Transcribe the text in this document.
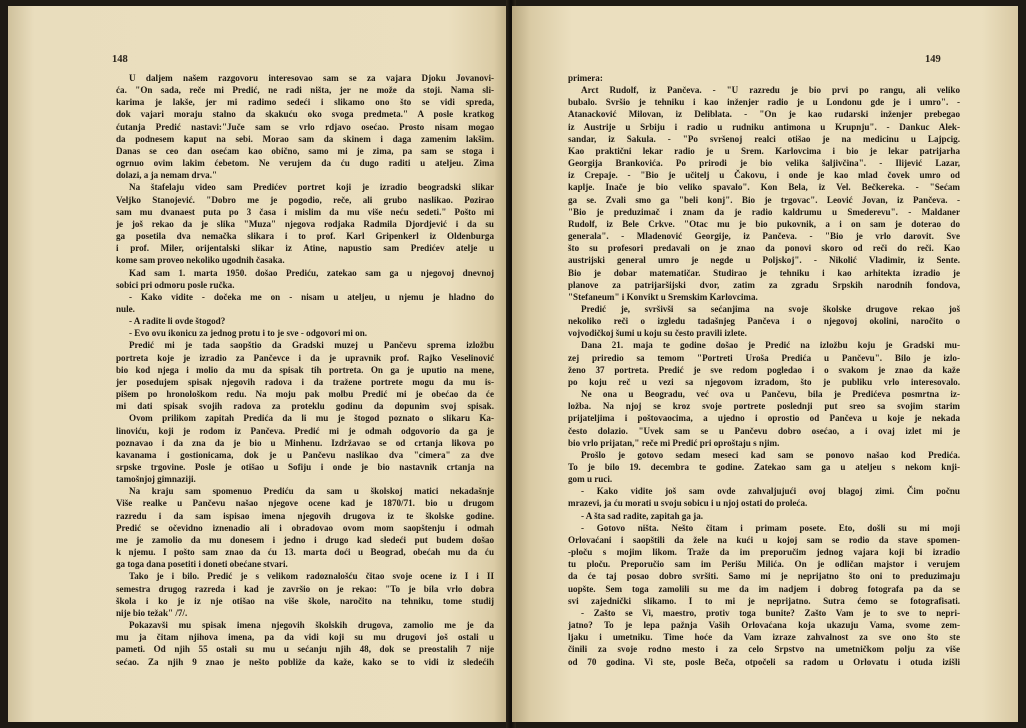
148
U daljem našem razgovoru interesovao sam se za vajara Djoku Jovanovi-
ća. "On sada, reče mi Predić, ne radi ništa, jer ne može da stoji. Nama sli-
karima je lakše, jer mi radimo sedeći i slikamo ono što se vidi spreda,
dok vajari moraju stalno da skakuću oko svoga predmeta." A posle kratkog
ćutanja Predić nastavi:"Juče sam se vrlo rdjavo osećao. Prosto nisam mogao
da podnesem kaput na sebi. Morao sam da skinem i daga zamenim lakšim.
Danas se ceo dan osećam kao obično, samo mi je zima, pa sam se stoga i
ogrnuo ovim lakim ćebetom. Ne verujem da ću dugo raditi u ateljeu. Zima
dolazi, a ja nemam drva."
Na štafelaju video sam Predićev portret koji je izradio beogradski slikar
Veljko Stanojević. "Dobro me je pogodio, reče, ali grubo naslikao. Pozirao
sam mu dvanaest puta po 3 časa i mislim da mu više neću sedeti." Pošto mi
je još rekao da je slika "Muza" njegova rodjaka Radmila Djordjević i da su
ga posetila dva nemačka slikara i to prof. Karl Gripenkerl iz Oldenburga
i prof. Miler, orijentalski slikar iz Atine, napustio sam Predićev atelje u
kome sam proveo nekoliko ugodnih časaka.
Kad sam 1. marta 1950. došao Prediću, zatekao sam ga u njegovoj dnevnoj
sobici pri odmoru posle ručka.
- Kako vidite - dočeka me on - nisam u ateljeu, u njemu je hladno do
nule.
- A radite li ovde štogod?
- Evo ovu ikonicu za jednog protu i to je sve - odgovori mi on.
Predić mi je tada saopštio da Gradski muzej u Pančevu sprema izložbu
portreta koje je izradio za Pančevce i da je upravnik prof. Rajko Veselinović
bio kod njega i molio da mu da spisak tih portreta. On ga je uputio na mene,
jer posedujem spisak njegovih radova i da traženе portrete mogu da mu is-
pišem po hronološkom redu. Na moju pak molbu Predić mi je obećao da će
mi dati spisak svojih radova za proteklu godinu da dopunim svoj spisak.
Ovom prilikom zapitah Predića da li mu je štogod poznato o slikaru Ka-
linoviću, koji je rodom iz Pančeva. Predić mi je odmah odgovorio da ga je
poznavao i da zna da je bio u Minhenu. Izdržavao se od crtanja likova po
kavanama i gostionicama, dok je u Pančevu naslikao dva "cimera" za dve
srpske trgovine. Posle je otišao u Sofiju i onde je bio nastavnik crtanja na
tamošnjoj gimnaziji.
Na kraju sam spomenuo Prediću da sam u školskoj matici nekadašnje
Više realke u Pančevu našao njegove ocene kad je 1870/71. bio u drugom
razredu i da sam ispisao imena njegovih drugova iz te školske godine.
Predić se očevidno iznenadio ali i obradovao ovom mom saopštenju i odmah
me je zamolio da mu donesem i jedno i drugo kad sledeći put budem došao
k njemu. I pošto sam znao da ću 13. marta doći u Beograd, obećah mu da ću
ga toga dana posetiti i doneti obećane stvari.
Tako je i bilo. Predić je s velikom radoznalošću čitao svoje ocene iz I i II
semestra drugog razreda i kad je završio on je rekao: "To je bila vrlo dobra
škola i ko je iz nje otišao na više škole, naročito na tehniku, tome studij
nije bio težak" /7/.
Pokazavši mu spisak imena njegovih školskih drugova, zamolio me je da
mu ja čitam njihova imena, pa da vidi koji su mu drugovi još ostali u
pameti. Od njih 55 ostali su mu u sećanju njih 48, dok se preostalih 7 nije
sećao. Za njih 9 znao je nešto pobliže da kaže, kako se to vidi iz sledećih
149
primera:
Arct Rudolf, iz Pančeva. - "U razredu je bio prvi po rangu, ali veliko
bubalo. Svršio je tehniku i kao inženjer radio je u Londonu gde je i umro". -
Atanacković Milovan, iz Deliblata. - "On je kao rudarski inženjer prebegao
iz Austrije u Srbiju i radio u rudniku antimona u Krupnju". - Dankuc Alek-
sandar, iz Sakula. - "Po svršenoj realci otišao je na medicinu u Lajpcig.
Kao praktični lekar radio je u Srem. Karlovcima i bio je lekar patrijarha
Georgija Brankovića. Po prirodi je bio velika šaljivčina". - Ilijević Lazar,
iz Crepaje. - "Bio je učitelj u Čakovu, i onde je kao mlad čovek umro od
kaplje. Inače je bio veliko spavalo". Kon Bela, iz Vel. Bečkereka. - "Sećam
ga se. Zvali smo ga "beli konj". Bio je trgovac". Leović Jovan, iz Pančeva. -
"Bio je preduzimač i znam da je radio kaldrumu u Smederevu". - Maldaner
Rudolf, iz Bele Crkve. "Otac mu je bio pukovnik, a i on sam je doterao do
generala". - Mladenović Georgije, iz Pančeva. - "Bio je vrlo darovit. Sve
što su profesori predavali on je znao da ponovi skoro od reči do reči. Kao
austrijski general umro je negde u Poljskoj". - Nikolić Vladimir, iz Sente.
Bio je dobar matematičar. Studirao je tehniku i kao arhitekta izradio je
planove za patrijaršijski dvor, zatim za zgradu Srpskih narodnih fondova,
"Stefaneum" i Konvikt u Sremskim Karlovcima.
Predić je, svršivši sa sećanjima na svoje školske drugove rekao još
nekoliko reči o izgledu tadašnjeg Pančeva i o njegovoj okolini, naročito o
vojvodičkoj šumi u koju su često pravili izlete.
Dana 21. maja te godine došao je Predić na izložbu koju je Gradski mu-
zej priredio sa temom "Portreti Uroša Predića u Pančevu". Bilo je izlo-
ženo 37 portreta. Predić je sve redom pogledao i o svakom je znao da kaže
po koju reč u vezi sa njegovom izradom, što je publiku vrlo interesovalo.
Ne ona u Beogradu, već ova u Pančevu, bila je Predićeva posmrtna iz-
ložba. Na njoj se kroz svoje portrete poslednji put sreo sa svojim starim
prijateljima i poštovaocima, a ujedno i oprostio od Pančeva u koje je nekada
često dolazio. "Uvek sam se u Pančevu dobro osećao, a i ovaj izlet mi je
bio vrlo prijatan," reče mi Predić pri oproštaju s njim.
Prošlo je gotovo sedam meseci kad sam se ponovo našao kod Predića.
To je bilo 19. decembra te godine. Zatekao sam ga u ateljeu s nekom knji-
gom u ruci.
- Kako vidite još sam ovde zahvaljujući ovoj blagoj zimi. Čim počnu
mrazevi, ja ću morati u svoju sobicu i u njoj ostati do proleća.
- A šta sad radite, zapitah ga ja.
- Gotovo ništa. Nešto čitam i primam posete. Eto, došli su mi moji
Orlovaćani i saopštili da žele na kući u kojoj sam se rodio da stave spomen-
-ploču s mojim likom. Traže da im preporučim jednog vajara koji bi izradio
tu ploču. Preporučio sam im Perišu Milića. On je odličan majstor i verujem
da će taj posao dobro svršiti. Samo mi je neprijatno što oni to preduzimaju
uopšte. Sem toga zamolili su me da im nadjem i dobrog fotografa pa da se
svi zajednički slikamo. I to mi je neprijatno. Sutra ćemo se fotografisati.
- Zašto se Vi, maestro, protiv toga bunite? Zašto Vam je to sve to nepri-
jatno? To je lepa pažnja Vaših Orlovaćana koja ukazuju Vama, svome zem-
ljaku i umetniku. Time hoće da Vam izraze zahvalnost za sve ono što ste
činili za svoje rodno mesto i za celo Srpstvo na umetničkom polju za više
od 70 godina. Vi ste, posle Beča, otpočeli sa radom u Orlovatu i otuda izišli
